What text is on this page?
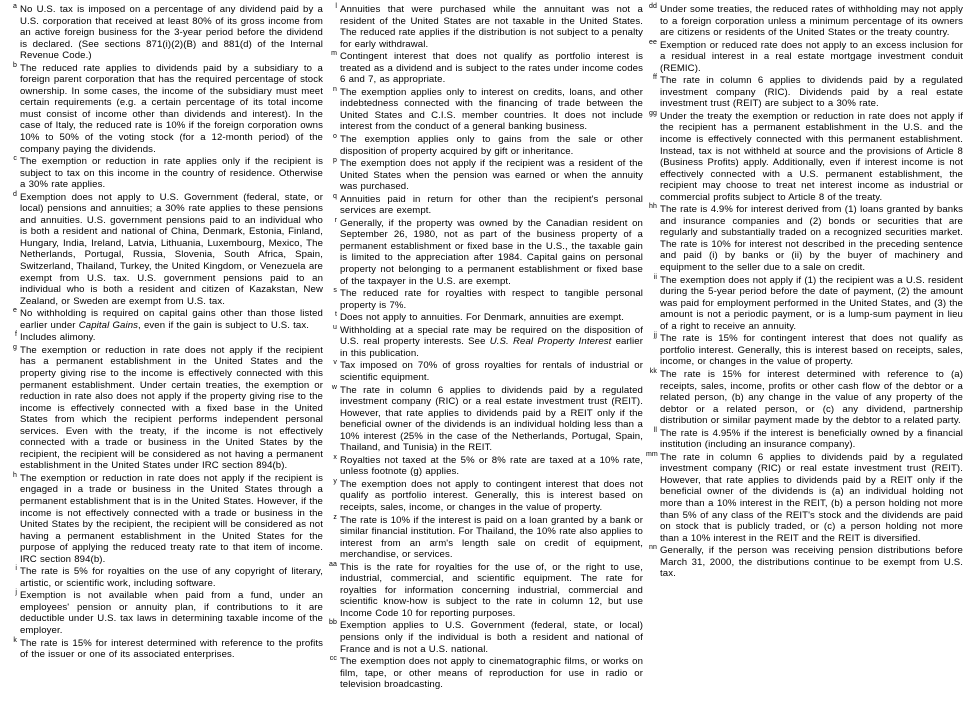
a No U.S. tax is imposed on a percentage of any dividend paid by a U.S. corporation that received at least 80% of its gross income from an active foreign business for the 3-year period before the dividend is declared. (See sections 871(i)(2)(B) and 881(d) of the Internal Revenue Code.)
b The reduced rate applies to dividends paid by a subsidiary to a foreign parent corporation that has the required percentage of stock ownership. In some cases, the income of the subsidiary must meet certain requirements (e.g. a certain percentage of its total income must consist of income other than dividends and interest). In the case of Italy, the reduced rate is 10% if the foreign corporation owns 10% to 50% of the voting stock (for a 12-month period) of the company paying the dividends.
c The exemption or reduction in rate applies only if the recipient is subject to tax on this income in the country of residence. Otherwise a 30% rate applies.
d Exemption does not apply to U.S. Government (federal, state, or local) pensions and annuities; a 30% rate applies to these pensions and annuities. U.S. government pensions paid to an individual who is both a resident and national of China, Denmark, Estonia, Finland, Hungary, India, Ireland, Latvia, Lithuania, Luxembourg, Mexico, The Netherlands, Portugal, Russia, Slovenia, South Africa, Spain, Switzerland, Thailand, Turkey, the United Kingdom, or Venezuela are exempt from U.S. tax. U.S. government pensions paid to an individual who is both a resident and citizen of Kazakstan, New Zealand, or Sweden are exempt from U.S. tax.
e No withholding is required on capital gains other than those listed earlier under Capital Gains, even if the gain is subject to U.S. tax.
f Includes alimony.
g The exemption or reduction in rate does not apply if the recipient has a permanent establishment in the United States and the property giving rise to the income is effectively connected with this permanent establishment. Under certain treaties, the exemption or reduction in rate also does not apply if the property giving rise to the income is effectively connected with a fixed base in the United States from which the recipient performs independent personal services. Even with the treaty, if the income is not effectively connected with a trade or business in the United States by the recipient, the recipient will be considered as not having a permanent establishment in the United States under IRC section 894(b).
h The exemption or reduction in rate does not apply if the recipient is engaged in a trade or business in the United States through a permanent establishment that is in the United States. However, if the income is not effectively connected with a trade or business in the United States by the recipient, the recipient will be considered as not having a permanent establishment in the United States for the purpose of applying the reduced treaty rate to that item of income. IRC section 894(b).
i The rate is 5% for royalties on the use of any copyright of literary, artistic, or scientific work, including software.
j Exemption is not available when paid from a fund, under an employees' pension or annuity plan, if contributions to it are deductible under U.S. tax laws in determining taxable income of the employer.
k The rate is 15% for interest determined with reference to the profits of the issuer or one of its associated enterprises.
l Annuities that were purchased while the annuitant was not a resident of the United States are not taxable in the United States. The reduced rate applies if the distribution is not subject to a penalty for early withdrawal.
m Contingent interest that does not qualify as portfolio interest is treated as a dividend and is subject to the rates under income codes 6 and 7, as appropriate.
n The exemption applies only to interest on credits, loans, and other indebtedness connected with the financing of trade between the United States and C.I.S. member countries. It does not include interest from the conduct of a general banking business.
o The exemption applies only to gains from the sale or other disposition of property acquired by gift or inheritance.
p The exemption does not apply if the recipient was a resident of the United States when the pension was earned or when the annuity was purchased.
q Annuities paid in return for other than the recipient's personal services are exempt.
r Generally, if the property was owned by the Canadian resident on September 26, 1980, not as part of the business property of a permanent establishment or fixed base in the U.S., the taxable gain is limited to the appreciation after 1984. Capital gains on personal property not belonging to a permanent establishment or fixed base of the taxpayer in the U.S. are exempt.
s The reduced rate for royalties with respect to tangible personal property is 7%.
t Does not apply to annuities. For Denmark, annuities are exempt.
u Withholding at a special rate may be required on the disposition of U.S. real property interests. See U.S. Real Property Interest earlier in this publication.
v Tax imposed on 70% of gross royalties for rentals of industrial or scientific equipment.
w The rate in column 6 applies to dividends paid by a regulated investment company (RIC) or a real estate investment trust (REIT). However, that rate applies to dividends paid by a REIT only if the beneficial owner of the dividends is an individual holding less than a 10% interest (25% in the case of the Netherlands, Portugal, Spain, Thailand, and Tunisia) in the REIT.
x Royalties not taxed at the 5% or 8% rate are taxed at a 10% rate, unless footnote (g) applies.
y The exemption does not apply to contingent interest that does not qualify as portfolio interest. Generally, this is interest based on receipts, sales, income, or changes in the value of property.
z The rate is 10% if the interest is paid on a loan granted by a bank or similar financial institution. For Thailand, the 10% rate also applies to interest from an arm's length sale on credit of equipment, merchandise, or services.
aa This is the rate for royalties for the use of, or the right to use, industrial, commercial, and scientific equipment. The rate for royalties for information concerning industrial, commercial and scientific know-how is subject to the rate in column 12, but use Income Code 10 for reporting purposes.
bb Exemption applies to U.S. Government (federal, state, or local) pensions only if the individual is both a resident and national of France and is not a U.S. national.
cc The exemption does not apply to cinematographic films, or works on film, tape, or other means of reproduction for use in radio or television broadcasting.
dd Under some treaties, the reduced rates of withholding may not apply to a foreign corporation unless a minimum percentage of its owners are citizens or residents of the United States or the treaty country.
ee Exemption or reduced rate does not apply to an excess inclusion for a residual interest in a real estate mortgage investment conduit (REMIC).
ff The rate in column 6 applies to dividends paid by a regulated investment company (RIC). Dividends paid by a real estate investment trust (REIT) are subject to a 30% rate.
gg Under the treaty the exemption or reduction in rate does not apply if the recipient has a permanent establishment in the U.S. and the income is effectively connected with this permanent establishment. Instead, tax is not withheld at source and the provisions of Article 8 (Business Profits) apply. Additionally, even if interest income is not effectively connected with a U.S. permanent establishment, the recipient may choose to treat net interest income as industrial or commercial profits subject to Article 8 of the treaty.
hh The rate is 4.9% for interest derived from (1) loans granted by banks and insurance companies and (2) bonds or securities that are regularly and substantially traded on a recognized securities market. The rate is 10% for interest not described in the preceding sentence and paid (i) by banks or (ii) by the buyer of machinery and equipment to the seller due to a sale on credit.
ii The exemption does not apply if (1) the recipient was a U.S. resident during the 5-year period before the date of payment, (2) the amount was paid for employment performed in the United States, and (3) the amount is not a periodic payment, or is a lump-sum payment in lieu of a right to receive an annuity.
jj The rate is 15% for contingent interest that does not qualify as portfolio interest. Generally, this is interest based on receipts, sales, income, or changes in the value of property.
kk The rate is 15% for interest determined with reference to (a) receipts, sales, income, profits or other cash flow of the debtor or a related person, (b) any change in the value of any property of the debtor or a related person, or (c) any dividend, partnership distribution or similar payment made by the debtor to a related party.
ll The rate is 4.95% if the interest is beneficially owned by a financial institution (including an insurance company).
mm The rate in column 6 applies to dividends paid by a regulated investment company (RIC) or real estate investment trust (REIT). However, that rate applies to dividends paid by a REIT only if the beneficial owner of the dividends is (a) an individual holding not more than a 10% interest in the REIT, (b) a person holding not more than 5% of any class of the REIT's stock and the dividends are paid on stock that is publicly traded, or (c) a person holding not more than a 10% interest in the REIT and the REIT is diversified.
nn Generally, if the person was receiving pension distributions before March 31, 2000, the distributions continue to be exempt from U.S. tax.
